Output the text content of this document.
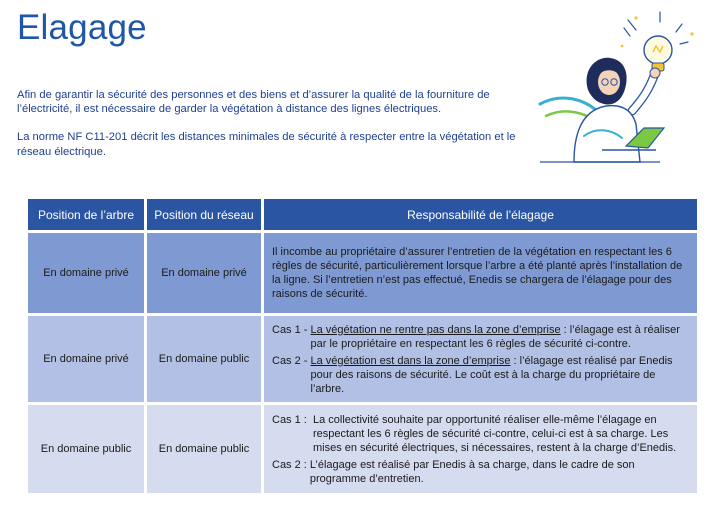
Elagage

Afin de garantir la sécurité des personnes et des biens et d’assurer la qualité de la fourniture de l’électricité, il est nécessaire de garder la végétation à distance des lignes électriques.

La norme NF C11-201 décrit les distances minimales de sécurité à respecter entre la végétation et le réseau électrique.

Position de l’arbre	Position du réseau	Responsabilité de l’élagage
En domaine privé	En domaine privé	Il incombe au propriétaire d’assurer l’entretien de la végétation en respectant les 6 règles de sécurité, particulièrement lorsque l’arbre a été planté après l’installation de la ligne. Si l’entretien n’est pas effectué, Enedis se chargera de l’élagage pour des raisons de sécurité.
En domaine privé	En domaine public	Cas 1 - La végétation ne rentre pas dans la zone d’emprise : l’élagage est à réaliser par le propriétaire en respectant les 6 règles de sécurité ci-contre.
Cas 2 - La végétation est dans la zone d’emprise : l’élagage est réalisé par Enedis pour des raisons de sécurité. Le coût est à la charge du propriétaire de l’arbre.

En domaine public	En domaine public	Cas 1 : La collectivité souhaite par opportunité réaliser elle-même l’élagage en respectant les 6 règles de sécurité ci-contre, celui-ci est à sa charge. Les mises en sécurité électriques, si nécessaires, restent à la charge d’Enedis.
Cas 2 : L’élagage est réalisé par Enedis à sa charge, dans le cadre de son programme d’entretien.
